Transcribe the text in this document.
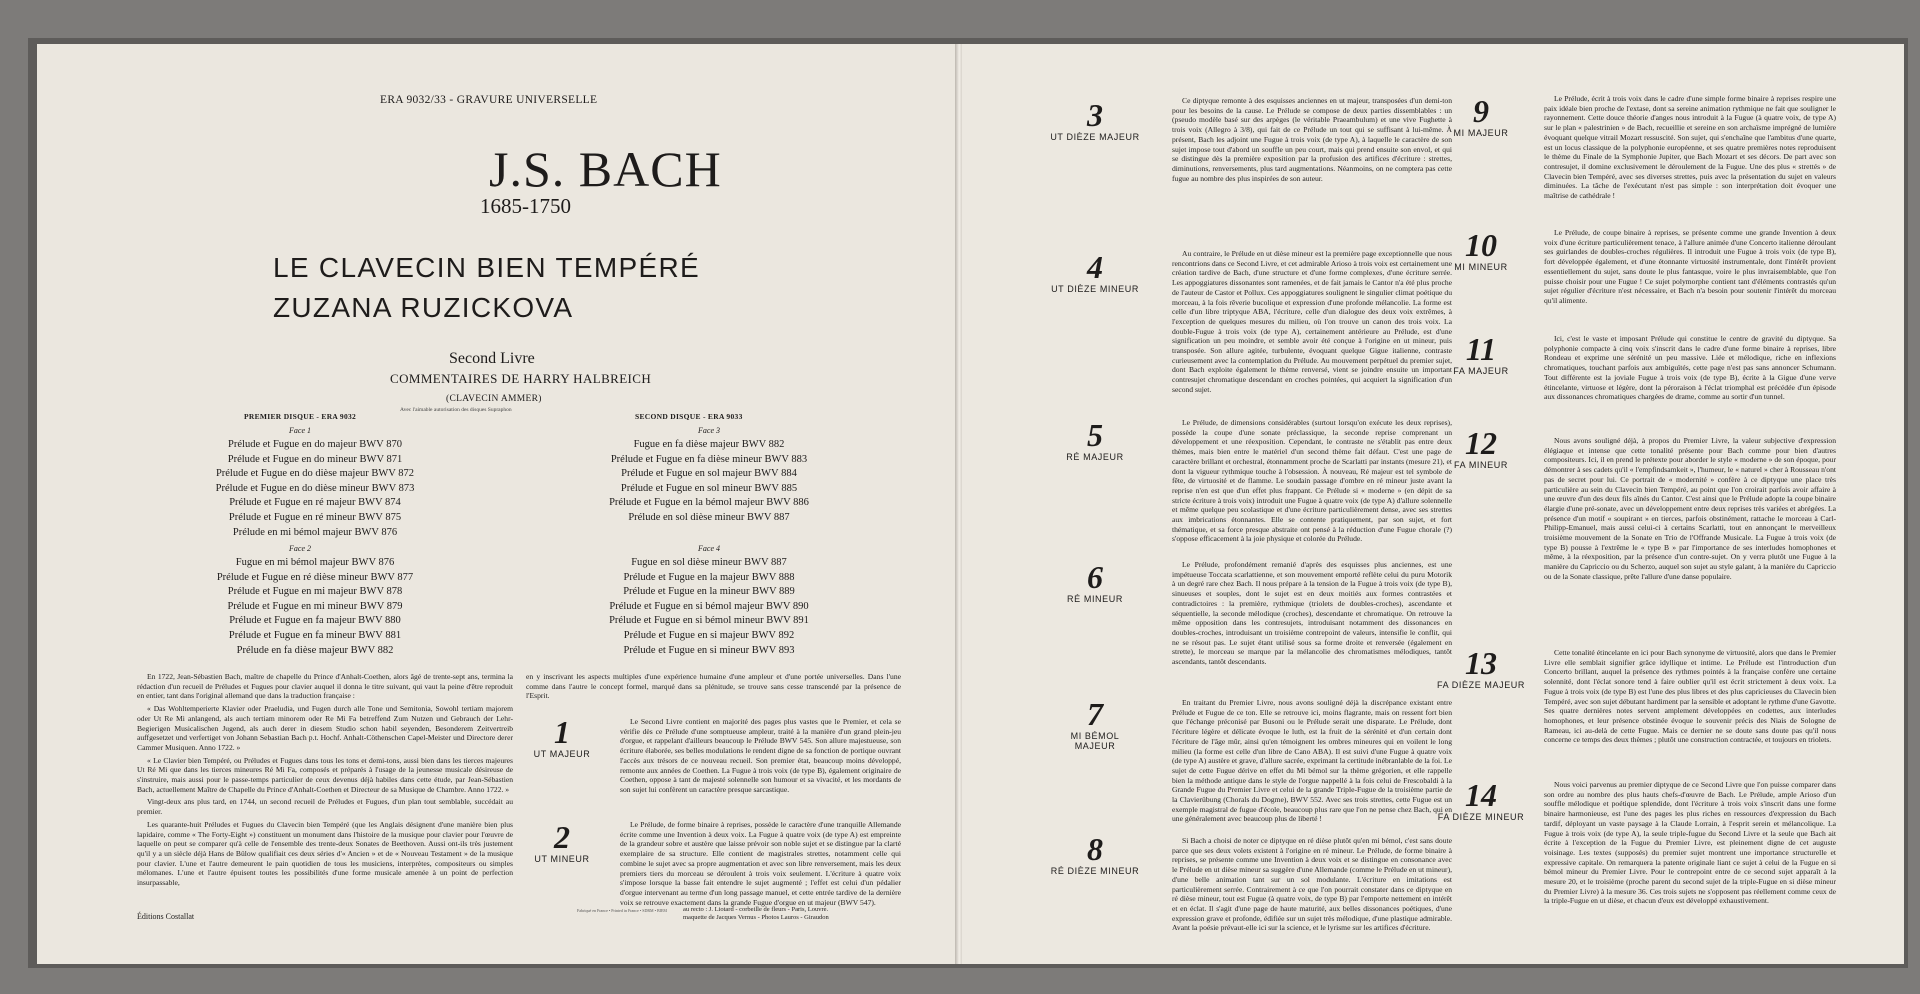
ERA 9032/33 - GRAVURE UNIVERSELLE
J.S. BACH
1685-1750
LE CLAVECIN BIEN TEMPÉRÉ
ZUZANA RUZICKOVA
Second Livre
COMMENTAIRES DE HARRY HALBREICH
(CLAVECIN AMMER)
Avec l'aimable autorisation des disques Supraphon
PREMIER DISQUE - ERA 9032
Face 1
Prélude et Fugue en do majeur BWV 870
Prélude et Fugue en do mineur BWV 871
Prélude et Fugue en do dièse majeur BWV 872
Prélude et Fugue en do dièse mineur BWV 873
Prélude et Fugue en ré majeur BWV 874
Prélude et Fugue en ré mineur BWV 875
Prélude en mi bémol majeur BWV 876
Face 2
Fugue en mi bémol majeur BWV 876
Prélude et Fugue en ré dièse mineur BWV 877
Prélude et Fugue en mi majeur BWV 878
Prélude et Fugue en mi mineur BWV 879
Prélude et Fugue en fa majeur BWV 880
Prélude et Fugue en fa mineur BWV 881
Prélude en fa dièse majeur BWV 882
SECOND DISQUE - ERA 9033
Face 3
Fugue en fa dièse majeur BWV 882
Prélude et Fugue en fa dièse mineur BWV 883
Prélude et Fugue en sol majeur BWV 884
Prélude et Fugue en sol mineur BWV 885
Prélude et Fugue en la bémol majeur BWV 886
Prélude en sol dièse mineur BWV 887
Face 4
Fugue en sol dièse mineur BWV 887
Prélude et Fugue en la majeur BWV 888
Prélude et Fugue en la mineur BWV 889
Prélude et Fugue en si bémol majeur BWV 890
Prélude et Fugue en si bémol mineur BWV 891
Prélude et Fugue en si majeur BWV 892
Prélude et Fugue en si mineur BWV 893

En 1722, Jean-Sébastien Bach, maître de chapelle du Prince d'Anhalt-Coethen, alors âgé de trente-sept ans, termina la rédaction d'un recueil de Préludes et Fugues pour clavier auquel il donna le titre suivant, qui vaut la peine d'être reproduit en entier, tant dans l'original allemand que dans la traduction française :

« Das Wohltemperierte Klavier oder Praeludia, und Fugen durch alle Tone und Semitonia, Sowohl tertiam majorem oder Ut Re Mi anlangend, als auch tertiam minorem oder Re Mi Fa betreffend Zum Nutzen und Gebrauch der Lehr-Begierigen Musicalischen Jugend, als auch derer in diesem Studio schon habil seyenden, Besonderem Zeitvertreib auffgesetzet und verfertiget von Johann Sebastian Bach p.t. Hochf. Anhalt-Cöthenschen Capel-Meister und Directore derer Cammer Musiquen. Anno 1722. »

« Le Clavier bien Tempéré, ou Préludes et Fugues dans tous les tons et demi-tons, aussi bien dans les tierces majeures Ut Ré Mi que dans les tierces mineures Ré Mi Fa, composés et préparés à l'usage de la jeunesse musicale désireuse de s'instruire, mais aussi pour le passe-temps particulier de ceux devenus déjà habiles dans cette étude, par Jean-Sébastien Bach, actuellement Maître de Chapelle du Prince d'Anhalt-Coethen et Directeur de sa Musique de Chambre. Anno 1722. »

Vingt-deux ans plus tard, en 1744, un second recueil de Préludes et Fugues, d'un plan tout semblable, succédait au premier.

Les quarante-huit Préludes et Fugues du Clavecin bien Tempéré (que les Anglais désignent d'une manière bien plus lapidaire, comme « The Forty-Eight ») constituent un monument dans l'histoire de la musique pour clavier pour l'œuvre de laquelle on peut se comparer qu'à celle de l'ensemble des trente-deux Sonates de Beethoven. Aussi ont-ils très justement qu'il y a un siècle déjà Hans de Bülow qualifiait ces deux séries d'« Ancien » et de « Nouveau Testament » de la musique pour clavier. L'une et l'autre demeurent le pain quotidien de tous les musiciens, interprètes, compositeurs ou simples mélomanes. L'une et l'autre épuisent toutes les possibilités d'une forme musicale amenée à un point de perfection insurpassable,

en y inscrivant les aspects multiples d'une expérience humaine d'une ampleur et d'une portée universelles. Dans l'une comme dans l'autre le concept formel, marqué dans sa plénitude, se trouve sans cesse transcendé par la présence de l'Esprit.

1
UT MAJEUR

Le Second Livre contient en majorité des pages plus vastes que le Premier, et cela se vérifie dès ce Prélude d'une somptueuse ampleur, traité à la manière d'un grand plein-jeu d'orgue, et rappelant d'ailleurs beaucoup le Prélude BWV 545. Son allure majestueuse, son écriture élaborée, ses belles modulations le rendent digne de sa fonction de portique ouvrant l'accès aux trésors de ce nouveau recueil. Son premier état, beaucoup moins développé, remonte aux années de Coethen. La Fugue à trois voix (de type B), également originaire de Coethen, oppose à tant de majesté solennelle son humour et sa vivacité, et les mordants de son sujet lui confèrent un caractère presque sarcastique.

2
UT MINEUR

Le Prélude, de forme binaire à reprises, possède le caractère d'une tranquille Allemande écrite comme une Invention à deux voix. La Fugue à quatre voix (de type A) est empreinte de la grandeur sobre et austère que laisse prévoir son noble sujet et se distingue par la clarté exemplaire de sa structure. Elle contient de magistrales strettes, notamment celle qui combine le sujet avec sa propre augmentation et avec son libre renversement, mais les deux premiers tiers du morceau se déroulent à trois voix seulement. L'écriture à quatre voix s'impose lorsque la basse fait entendre le sujet augmenté ; l'effet est celui d'un pédalier d'orgue intervenant au terme d'un long passage manuel, et cette entrée tardive de la dernière voix se retrouve exactement dans la grande Fugue d'orgue en ut majeur (BWV 547).

Éditions Costallat
Fabriqué en France • Printed in France • SDRM • BIEM au recto : J. Liotard - corbeille de fleurs - Paris, Louvre.
maquette de Jacques Vernus - Photos Lauros - Giraudon
3
UT DIÈZE MAJEUR

Ce diptyque remonte à des esquisses anciennes en ut majeur, transposées d'un demi-ton pour les besoins de la cause. Le Prélude se compose de deux parties dissemblables : un (pseudo modèle basé sur des arpèges (le véritable Praeambulum) et une vive Fughette à trois voix (Allegro à 3/8), qui fait de ce Prélude un tout qui se suffisant à lui-même. À présent, Bach les adjoint une Fugue à trois voix (de type A), à laquelle le caractère de son sujet impose tout d'abord un souffle un peu court, mais qui prend ensuite son envol, et qui se distingue dès la première exposition par la profusion des artifices d'écriture : strettes, diminutions, renversements, plus tard augmentations. Néanmoins, on ne compterа pas cette fugue au nombre des plus inspirées de son auteur.

4
UT DIÈZE MINEUR

Au contraire, le Prélude en ut dièse mineur est la première page exceptionnelle que nous rencontrions dans ce Second Livre, et cet admirable Arioso à trois voix est certainement une création tardive de Bach, d'une structure et d'une forme complexes, d'une écriture serrée. Les appoggiatures dissonantes sont ramenées, et de fait jamais le Cantor n'a été plus proche de l'auteur de Castor et Pollux. Ces appoggiatures soulignent le singulier climat poétique du morceau, à la fois rêverie bucolique et expression d'une profonde mélancolie. La forme est celle d'un libre triptyque ABA, l'écriture, celle d'un dialogue des deux voix extrêmes, à l'exception de quelques mesures du milieu, où l'on trouve un canon des trois voix. La double-Fugue à trois voix (de type A), certainement antérieure au Prélude, est d'une signification un peu moindre, et semble avoir été conçue à l'origine en ut mineur, puis transposée. Son allure agitée, turbulente, évoquant quelque Gigue italienne, contraste curieusement avec la contemplation du Prélude. Au mouvement perpétuel du premier sujet, dont Bach exploite également le thème renversé, vient se joindre ensuite un important contresujet chromatique descendant en croches pointées, qui acquiert la signification d'un second sujet.

5
RÉ MAJEUR

Le Prélude, de dimensions considérables (surtout lorsqu'on exécute les deux reprises), possède la coupe d'une sonate préclassique, la seconde reprise comprenant un développement et une réexposition. Cependant, le contraste ne s'établit pas entre deux thèmes, mais bien entre le matériel d'un second thème fait défaut. C'est une page de caractère brillant et orchestral, étonnamment proche de Scarlatti par instants (mesure 21), et dont la vigueur rythmique touche à l'obsession. À nouveau, Ré majeur est tel symbole de fête, de virtuosité et de flamme. Le soudain passage d'ombre en ré mineur juste avant la reprise n'en est que d'un effet plus frappant. Ce Prélude si « moderne » (en dépit de sa stricte écriture à trois voix) introduit une Fugue à quatre voix (de type A) d'allure solennelle et même quelque peu scolastique et d'une écriture particulièrement dense, avec ses strettes aux imbrications étonnantes. Elle se contente pratiquement, par son sujet, et fort thématique, et sa force presque abstraite ont pensé à la réduction d'une Fugue chorale (?) s'oppose efficacement à la joie physique et colorée du Prélude.

6
RÉ MINEUR

Le Prélude, profondément remanié d'après des esquisses plus anciennes, est une impétueuse Toccata scarlattienne, et son mouvement emporté reflète celui du puru Motorik à un degré rare chez Bach. Il nous prépare à la tension de la Fugue à trois voix (de type B), sinueuses et souples, dont le sujet est en deux moitiés aux formes contrastées et contradictoires : la première, rythmique (triolets de doubles-croches), ascendante et séquentielle, la seconde mélodique (croches), descendante et chromatique. On retrouve la même opposition dans les contresujets, introduisant notamment des dissonances en doubles-croches, introduisant un troisième contrepoint de valeurs, intensifie le conflit, qui ne se résout pas. Le sujet étant utilisé sous sa forme droite et renversée (également en strette), le morceau se marque par la mélancolie des chromatismes mélodiques, tantôt ascendants, tantôt descendants.

7
MI BÉMOL MAJEUR

En traitant du Premier Livre, nous avons souligné déjà la discrépance existant entre Prélude et Fugue de ce ton. Elle se retrouve ici, moins flagrante, mais on ressent fort bien que l'échange préconisé par Busoni ou le Prélude serait une disparate. Le Prélude, dont l'écriture légère et délicate évoque le luth, est la fruit de la sérénité et d'un certain dont l'écriture de l'âge mûr, ainsi qu'en témoignent les ombres mineures qui en voilent le long milieu (la forme est celle d'un libre de Cano ABA). Il est suivi d'une Fugue à quatre voix (de type A) austère et grave, d'allure sacrée, exprimant la certitude inébranlable de la foi. Le sujet de cette Fugue dérive en effet du Mi bémol sur la thème grégorien, et elle rappelle bien la méthode antique dans le style de l'orgue nappellé à la fois celui de Frescobaldi à la Grande Fugue du Premier Livre et celui de la grande Triple-Fugue de la troisième partie de la Clavierübung (Chorals du Dogme), BWV 552. Avec ses trois strettes, cette Fugue est un exemple magistral de fugue d'école, beaucoup plus rare que l'on ne pense chez Bach, qui en une généralement avec beaucoup plus de liberté !

8
RÉ DIÈZE MINEUR

Si Bach a choisi de noter ce diptyque en ré dièse plutôt qu'en mi bémol, c'est sans doute parce que ses deux volets existent à l'origine en ré mineur. Le Prélude, de forme binaire à reprises, se présente comme une Invention à deux voix et se distingue en consonance avec le Prélude en ut dièse mineur sa suggère d'une Allemande (comme le Prélude en ut mineur), d'une belle animation tant sur un sol modulante. L'écriture en imitations est particulièrement serrée. Contrairement à ce que l'on pourrait constater dans ce diptyque en ré dièse mineur, tout est Fugue (à quatre voix, de type B) par l'emporte nettement en intérêt et en éclat. Il s'agit d'une page de haute maturité, aux belles dissonances poétiques, d'une expression grave et profonde, édifiée sur un sujet très mélodique, d'une plastique admirable. Avant la poésie prévaut-elle ici sur la science, et le lyrisme sur les artifices d'écriture.

9
MI MAJEUR

Le Prélude, écrit à trois voix dans le cadre d'une simple forme binaire à reprises respire une paix idéale bien proche de l'extase, dont sa sereine animation rythmique ne fait que souligner le rayonnement. Cette douce théorie d'anges nous introduit à la Fugue (à quatre voix, de type A) sur le plan « palestrinien » de Bach, recueillie et sereine en son archaïsme imprégné de lumière évoquant quelque vitrail Mozart ressuscité. Son sujet, qui s'enchaîne que l'ambitus d'une quarte, est un locus classique de la polyphonie européenne, et ses quatre premières notes reproduisent le thème du Finale de la Symphonie Jupiter, que Bach Mozart et ses décors. De part avec son contresujet, il domine exclusivement le déroulement de la Fugue. Une des plus « strettés » de Clavecin bien Tempéré, avec ses diverses strettes, puis avec la présentation du sujet en valeurs diminuées. La tâche de l'exécutant n'est pas simple : son interprétation doit évoquer une maîtrise de cathédrale !

10
MI MINEUR

Le Prélude, de coupe binaire à reprises, se présente comme une grande Invention à deux voix d'une écriture particulièrement tenace, à l'allure animée d'une Concerto italienne déroulant ses guirlandes de doubles-croches régulières. Il introduit une Fugue à trois voix (de type B), fort développée également, et d'une étonnante virtuosité instrumentale, dont l'intérêt provient essentiellement du sujet, sans doute le plus fantasque, voire le plus invraisemblable, que l'on puisse choisir pour une Fugue ! Ce sujet polymorphe contient tant d'éléments contrastés qu'un sujet régulier d'écriture n'est nécessaire, et Bach n'a besoin pour soutenir l'intérêt du morceau qu'il alimente.

11
FA MAJEUR

Ici, c'est le vaste et imposant Prélude qui constitue le centre de gravité du diptyque. Sa polyphonie compacte à cinq voix s'inscrit dans le cadre d'une forme binaire à reprises, libre Rondeau et exprime une sérénité un peu massive. Liée et mélodique, riche en inflexions chromatiques, touchant parfois aux ambiguïtés, cette page n'est pas sans annoncer Schumann. Tout différente est la joviale Fugue à trois voix (de type B), écrite à la Gigue d'une verve étincelante, virtuose et légère, dont la péroraison à l'éclat triomphal est précédée d'un épisode aux dissonances chromatiques chargées de drame, comme au sortir d'un tunnel.

12
FA MINEUR

Nous avons souligné déjà, à propos du Premier Livre, la valeur subjective d'expression élégiaque et intense que cette tonalité présente pour Bach comme pour bien d'autres compositeurs. Ici, il en prend le prétexte pour aborder le style « moderne » de son époque, pour démontrer à ses cadets qu'il « l'empfindsamkeit », l'humeur, le « naturel » cher à Rousseau n'ont pas de secret pour lui. Ce portrait de « modernité » confère à ce diptyque une place très particulière au sein du Clavecin bien Tempéré, au point que l'on croirait parfois avoir affaire à une œuvre d'un des deux fils aînés du Cantor. C'est ainsi que le Prélude adopte la coupe binaire élargie d'une pré-sonate, avec un développement entre deux reprises très variées et abrégées. La présence d'un motif « soupirant » en tierces, parfois obstinément, rattache le morceau à Carl-Philipp-Emanuel, mais aussi celui-ci à certains Scarlatti, tout en annonçant le merveilleux troisième mouvement de la Sonate en Trio de l'Offrande Musicale. La Fugue à trois voix (de type B) pousse à l'extrême le « type B » par l'importance de ses interludes homophones et même, à la réexposition, par la présence d'un contre-sujet. On y verra plutôt une Fugue à la manière du Capriccio ou du Scherzo, auquel son sujet au style galant, à la manière du Capriccio ou de la Sonate classique, prête l'allure d'une danse populaire.

13
FA DIÈZE MAJEUR

Cette tonalité étincelante en ici pour Bach synonyme de virtuosité, alors que dans le Premier Livre elle semblait signifier grâce idyllique et intime. Le Prélude est l'introduction d'un Concerto brillant, auquel la présence des rythmes pointés à la française confère une certaine solennité, dont l'éclat sonore tend à faire oublier qu'il est écrit strictement à deux voix. La Fugue à trois voix (de type B) est l'une des plus libres et des plus capricieuses du Clavecin bien Tempéré, avec son sujet débutant hardiment par la sensible et adoptant le rythme d'une Gavotte. Ses quatre dernières notes servent amplement développées en codettes, aux interludes homophones, et leur présence obstinée évoque le souvenir précis des Niais de Sologne de Rameau, ici au-delà de cette Fugue. Mais ce dernier ne se doute sans doute pas qu'il nous concerne ce temps des deux thèmes ; plutôt une construction contractée, et toujours en triolets.

14
FA DIÈZE MINEUR

Nous voici parvenus au premier diptyque de ce Second Livre que l'on puisse comparer dans son ordre au nombre des plus hauts chefs-d'œuvre de Bach. Le Prélude, ample Arioso d'un souffle mélodique et poétique splendide, dont l'écriture à trois voix s'inscrit dans une forme binaire harmonieuse, est l'une des pages les plus riches en ressources d'expression du Bach tardif, déployant un vaste paysage à la Claude Lorrain, à l'esprit serein et mélancolique. La Fugue à trois voix (de type A), la seule triple-fugue du Second Livre et la seule que Bach ait écrite à l'exception de la Fugue du Premier Livre, est pleinement digne de cet auguste voisinage. Les textes (supposés) du premier sujet montrent une importance structurelle et expressive capitale. On remarquera la patente originale liant ce sujet à celui de la Fugue en si bémol mineur du Premier Livre. Pour le contrepoint entre de ce second sujet apparaît à la mesure 20, et le troisième (proche parent du second sujet de la triple-Fugue en si dièse mineur du Premier Livre) à la mesure 36. Ces trois sujets ne s'opposent pas réellement comme ceux de la triple-Fugue en ut dièse, et chacun d'eux est développé exhaustivement.
